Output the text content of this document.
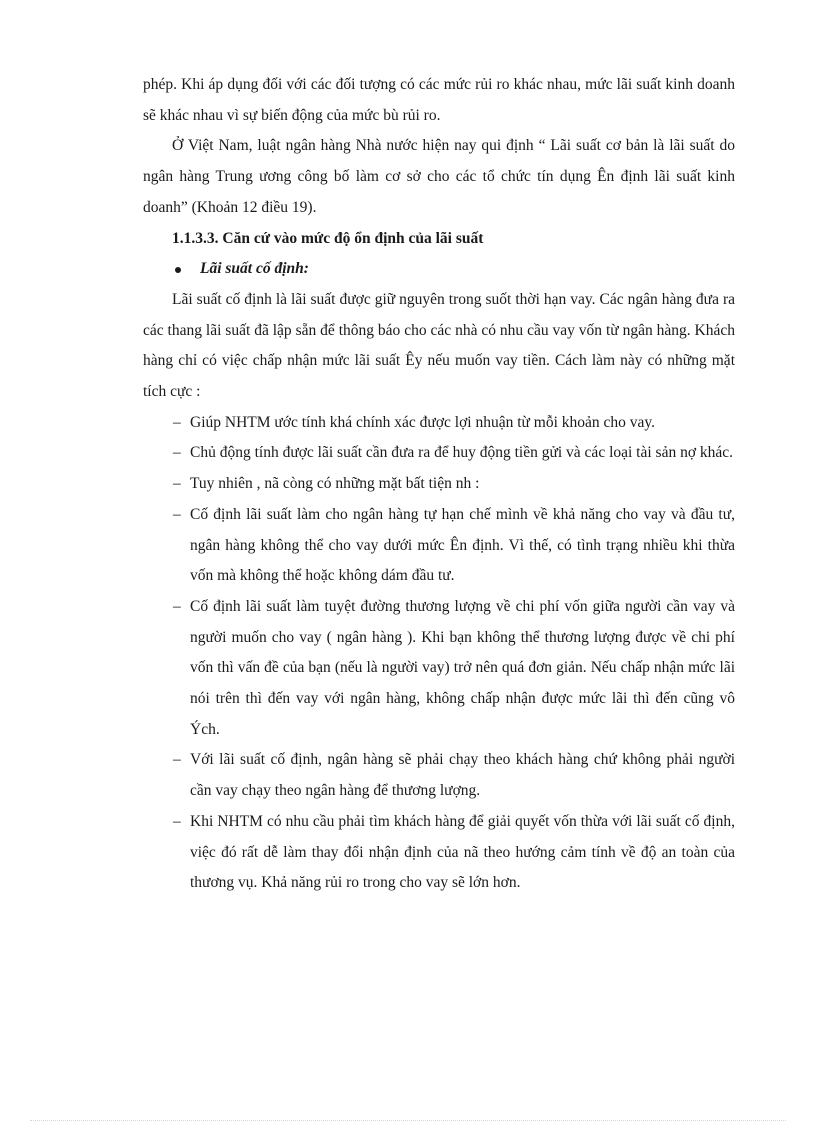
phép. Khi áp dụng đối với các đối tượng có các mức rủi ro khác nhau, mức lãi suất kinh doanh sẽ khác nhau vì sự biến động của mức bù rủi ro.

Ở Việt Nam, luật ngân hàng Nhà nước hiện nay qui định “ Lãi suất cơ bản là lãi suất do ngân hàng Trung ương công bố làm cơ sở cho các tổ chức tín dụng Ên định lãi suất kinh doanh” (Khoản 12 điều 19).

1.1.3.3. Căn cứ vào mức độ ổn định của lãi suất

Lãi suất cố định:

Lãi suất cố định là lãi suất được giữ nguyên trong suốt thời hạn vay. Các ngân hàng đưa ra các thang lãi suất đã lập sẵn để thông báo cho các nhà có nhu cầu vay vốn từ ngân hàng. Khách hàng chỉ có việc chấp nhận mức lãi suất Êy nếu muốn vay tiền. Cách làm này có những mặt tích cực :

– Giúp NHTM ước tính khá chính xác được lợi nhuận từ mỗi khoản cho vay.
– Chủ động tính được lãi suất cần đưa ra để huy động tiền gửi và các loại tài sản nợ khác.
– Tuy nhiên , nã còng có những mặt bất tiện nh :
– Cố định lãi suất làm cho ngân hàng tự hạn chế mình về khả năng cho vay và đầu tư, ngân hàng không thể cho vay dưới mức Ên định. Vì thế, có tình trạng nhiều khi thừa vốn mà không thể hoặc không dám đầu tư.
– Cố định lãi suất làm tuyệt đường thương lượng về chi phí vốn giữa người cần vay và người muốn cho vay ( ngân hàng ). Khi bạn không thể thương lượng được về chi phí vốn thì vấn đề của bạn (nếu là người vay) trở nên quá đơn giản. Nếu chấp nhận mức lãi nói trên thì đến vay với ngân hàng, không chấp nhận được mức lãi thì đến cũng vô Ých.
– Với lãi suất cố định, ngân hàng sẽ phải chạy theo khách hàng chứ không phải người cần vay chạy theo ngân hàng để thương lượng.
– Khi NHTM có nhu cầu phải tìm khách hàng để giải quyết vốn thừa với lãi suất cố định, việc đó rất dễ làm thay đổi nhận định của nã theo hướng cảm tính về độ an toàn của thương vụ. Khả năng rủi ro trong cho vay sẽ lớn hơn.
